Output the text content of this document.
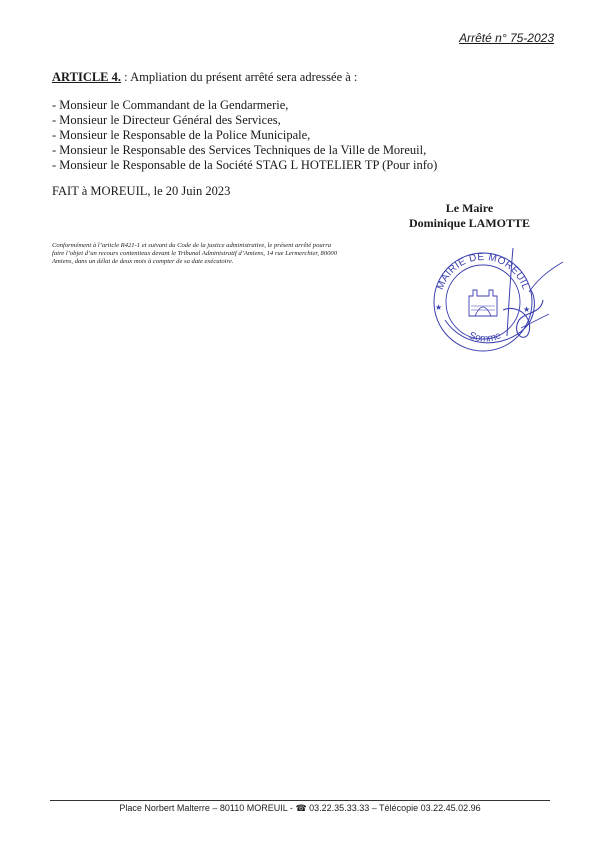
Arrêté n° 75-2023
ARTICLE 4. : Ampliation du présent arrêté sera adressée à :
- Monsieur le Commandant de la Gendarmerie,
- Monsieur le Directeur Général des Services,
- Monsieur le Responsable de la Police Municipale,
- Monsieur le Responsable des Services Techniques de la Ville de Moreuil,
- Monsieur le Responsable de la Société STAG L HOTELIER TP (Pour info)
FAIT à MOREUIL, le 20 Juin 2023
Le Maire
Dominique LAMOTTE
Conformément à l’article R421-1 et suivant du Code de la justice administrative, le présent arrêté pourra faire l’objet d’un recours contentieux devant le Tribunal Administratif d’Amiens, 14 rue Lermerchier, 80000 Amiens, dans un délai de deux mois à compter de sa date exécutoire.
MAIRIE DE MOREUIL
Somme
★	★
Place Norbert Malterre – 80110 MOREUIL - ☎ 03.22.35.33.33 – Télécopie 03.22.45.02.96
